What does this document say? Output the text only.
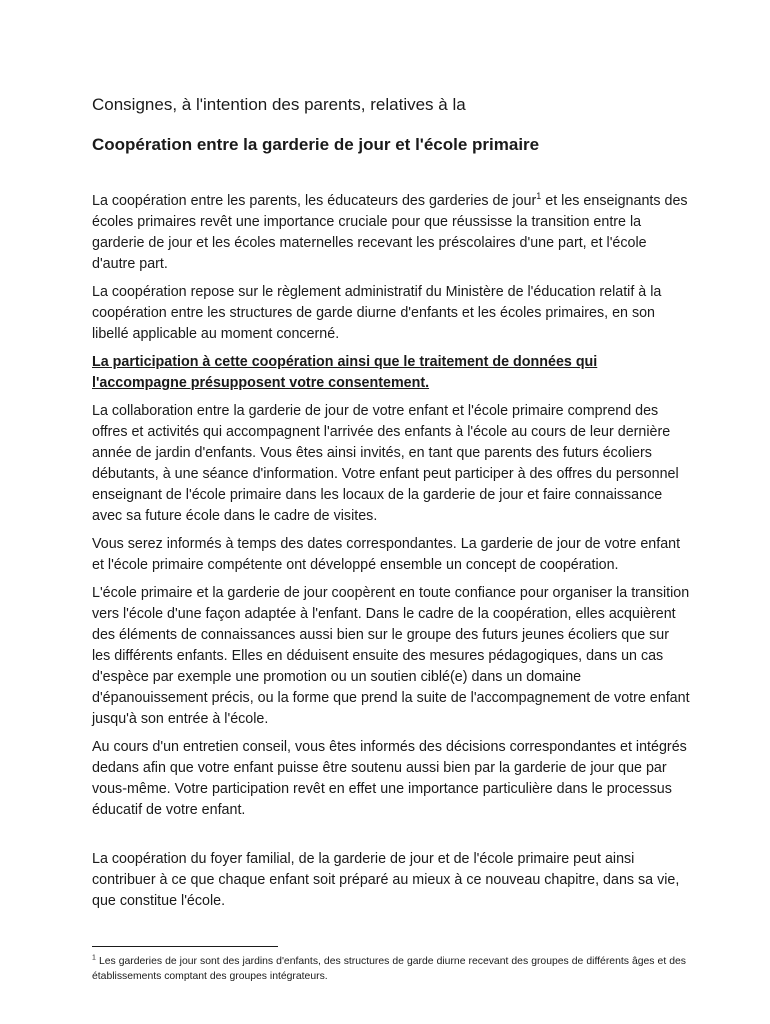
Consignes, à l'intention des parents, relatives à la
Coopération entre la garderie de jour et l'école primaire

La coopération entre les parents, les éducateurs des garderies de jour$^1$ et les enseignants des écoles primaires revêt une importance cruciale pour que réussisse la transition entre la garderie de jour et les écoles maternelles recevant les préscolaires d'une part, et l'école d'autre part.

La coopération repose sur le règlement administratif du Ministère de l'éducation relatif à la coopération entre les structures de garde diurne d'enfants et les écoles primaires, en son libellé applicable au moment concerné.

La participation à cette coopération ainsi que le traitement de données qui l'accompagne présupposent votre consentement.

La collaboration entre la garderie de jour de votre enfant et l'école primaire comprend des offres et activités qui accompagnent l'arrivée des enfants à l'école au cours de leur dernière année de jardin d'enfants. Vous êtes ainsi invités, en tant que parents des futurs écoliers débutants, à une séance d'information. Votre enfant peut participer à des offres du personnel enseignant de l'école primaire dans les locaux de la garderie de jour et faire connaissance avec sa future école dans le cadre de visites.

Vous serez informés à temps des dates correspondantes. La garderie de jour de votre enfant et l'école primaire compétente ont développé ensemble un concept de coopération.

L'école primaire et la garderie de jour coopèrent en toute confiance pour organiser la transition vers l'école d'une façon adaptée à l'enfant. Dans le cadre de la coopération, elles acquièrent des éléments de connaissances aussi bien sur le groupe des futurs jeunes écoliers que sur les différents enfants. Elles en déduisent ensuite des mesures pédagogiques, dans un cas d'espèce par exemple une promotion ou un soutien ciblé(e) dans un domaine d'épanouissement précis, ou la forme que prend la suite de l'accompagnement de votre enfant jusqu'à son entrée à l'école.

Au cours d'un entretien conseil, vous êtes informés des décisions correspondantes et intégrés dedans afin que votre enfant puisse être soutenu aussi bien par la garderie de jour que par vous-même. Votre participation revêt en effet une importance particulière dans le processus éducatif de votre enfant.

La coopération du foyer familial, de la garderie de jour et de l'école primaire peut ainsi contribuer à ce que chaque enfant soit préparé au mieux à ce nouveau chapitre, dans sa vie, que constitue l'école.

$^1$ Les garderies de jour sont des jardins d'enfants, des structures de garde diurne recevant des groupes de différents âges et des établissements comptant des groupes intégrateurs.
